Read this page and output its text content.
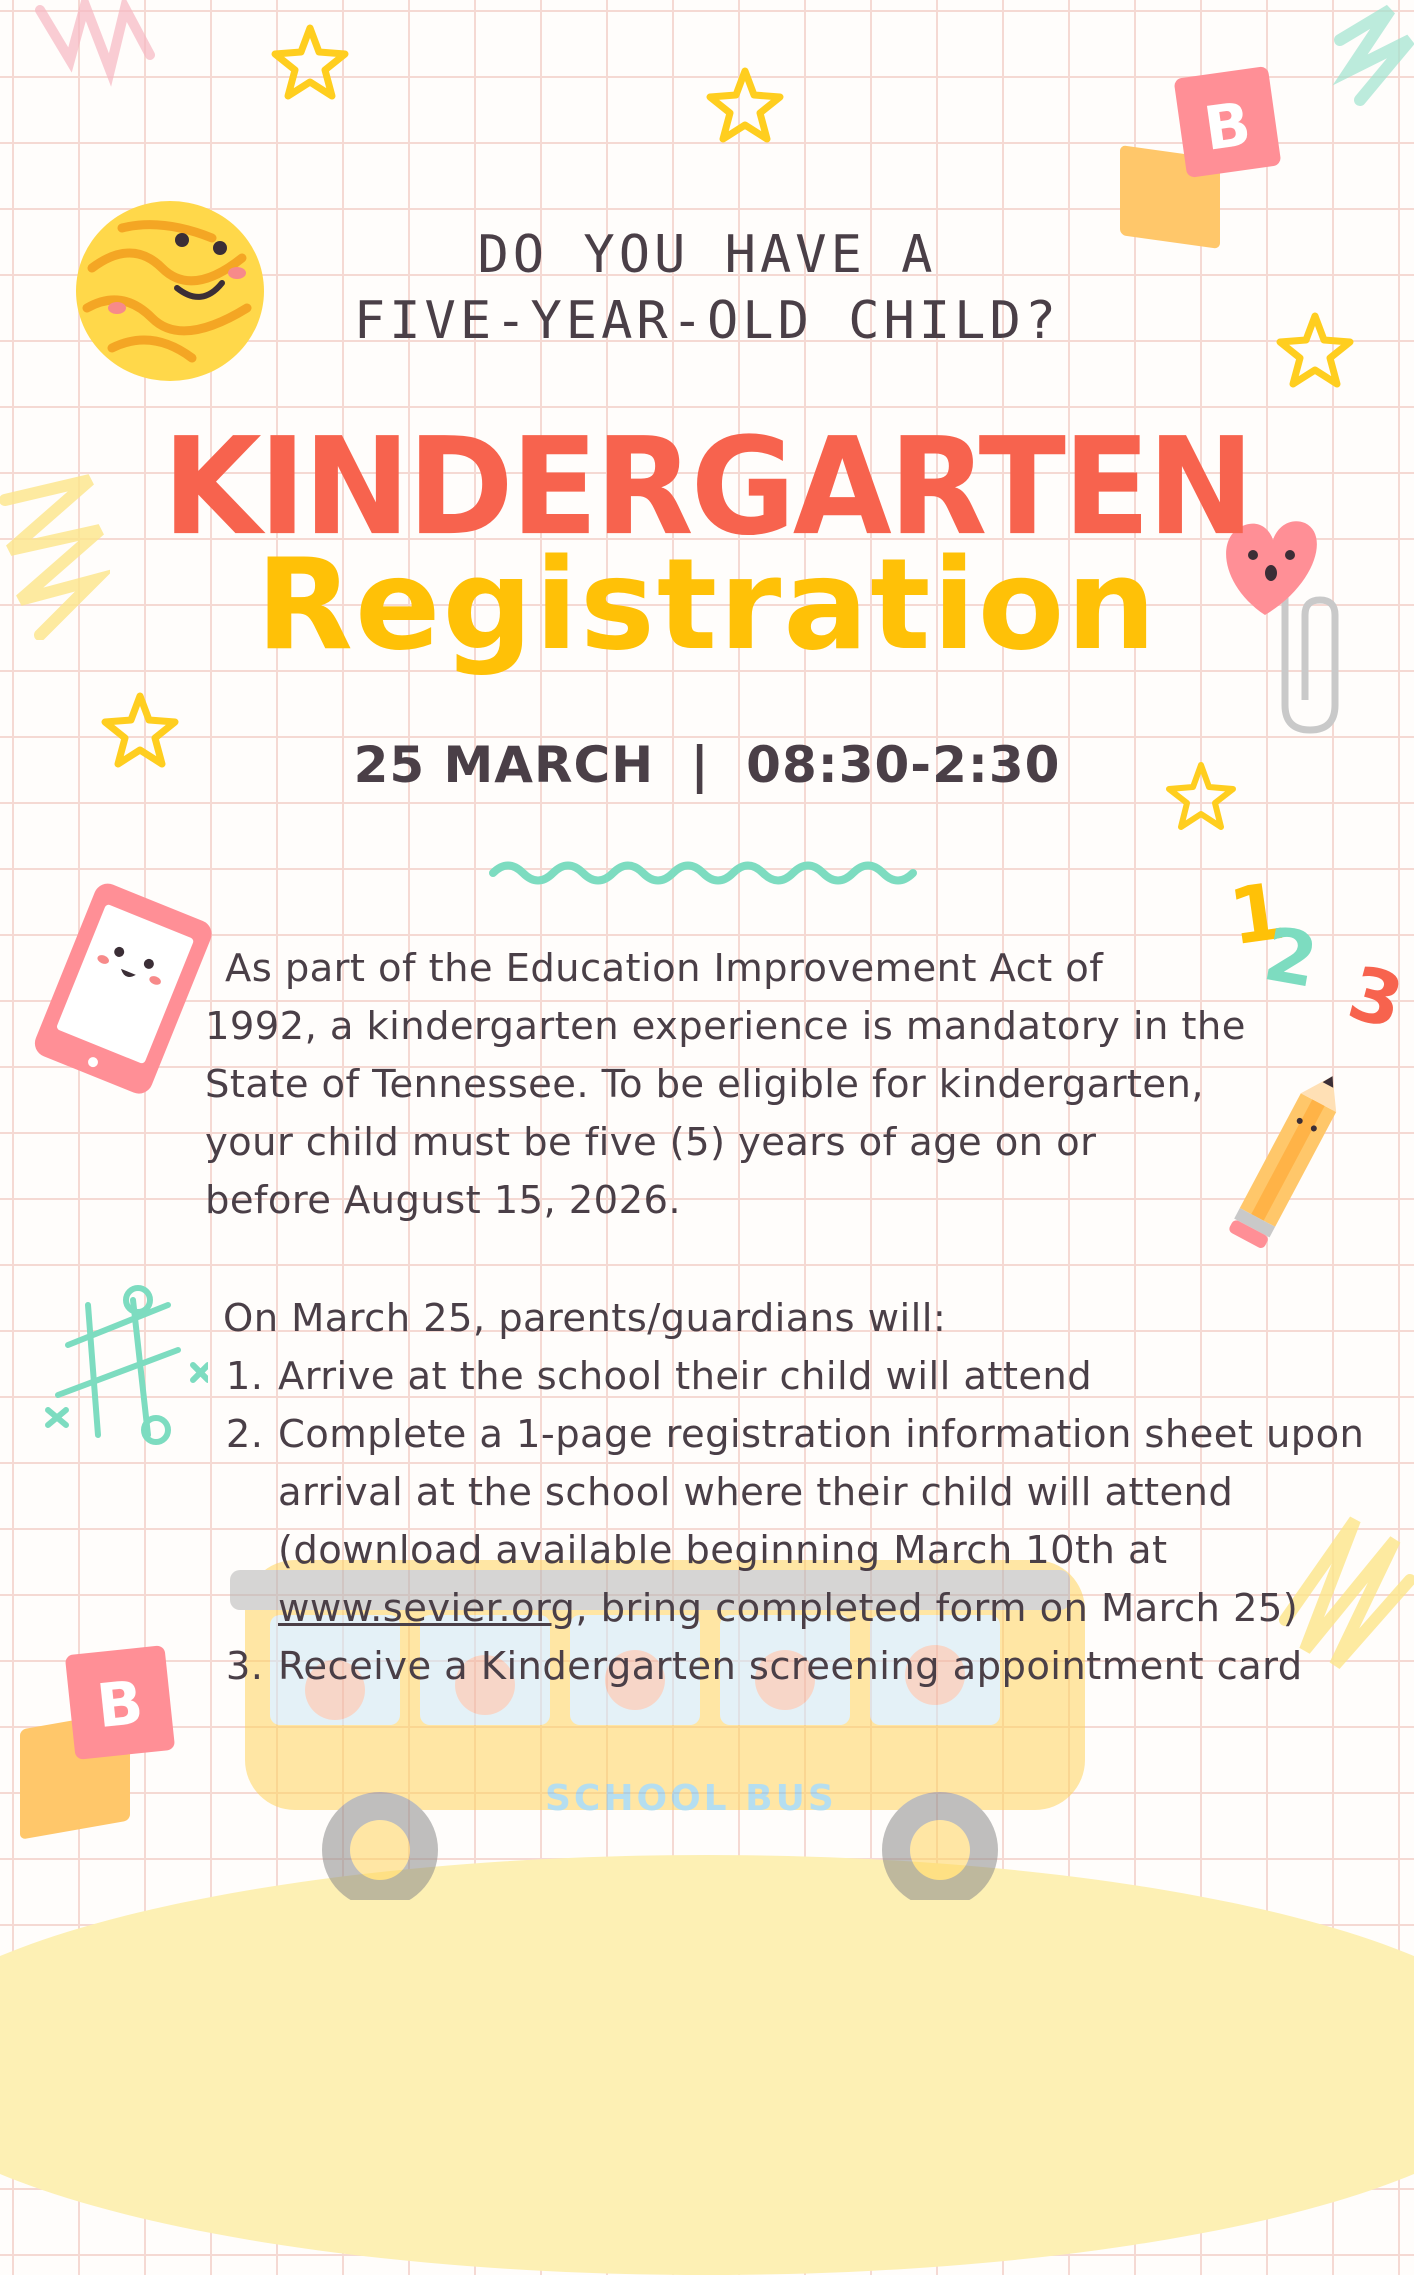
B
B
DO YOU HAVE A
FIVE-YEAR-OLD CHILD?
KINDERGARTEN
Registration
25 MARCH | 08:30-2:30
1
2 3
As part of the Education Improvement Act of
1992, a kindergarten experience is mandatory in the
State of Tennessee. To be eligible for kindergarten,
your child must be five (5) years of age on or
before August 15, 2026.
SCHOOL BUS
On March 25, parents/guardians will:
1. Arrive at the school their child will attend
2. Complete a 1-page registration information sheet upon arrival at the school where their child will attend (download available beginning March 10th at www.sevier.org, bring completed form on March 25)
3. Receive a Kindergarten screening appointment card
